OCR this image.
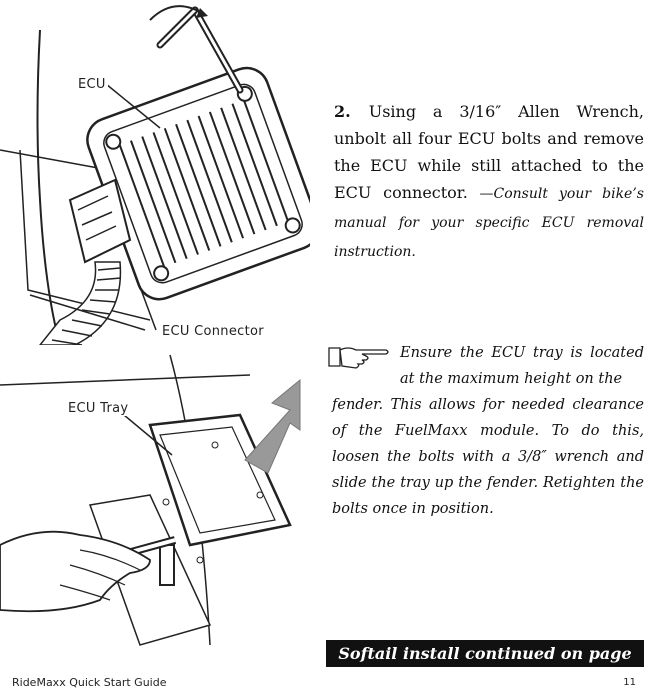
ECU
ECU Connector
ECU Tray
2. Using a 3/16″ Allen Wrench, unbolt all four ECU bolts and remove the ECU while still attached to the ECU connector. —Consult your bike’s manual for your specific ECU removal instruction.
Ensure the ECU tray is located at the maximum height on the
fender. This allows for needed clearance of the FuelMaxx module. To do this, loosen the bolts with a 3/8″ wrench and slide the tray up the fender. Retighten the bolts once in position.
Softail install continued on page 14…
RideMaxx Quick Start Guide	11
